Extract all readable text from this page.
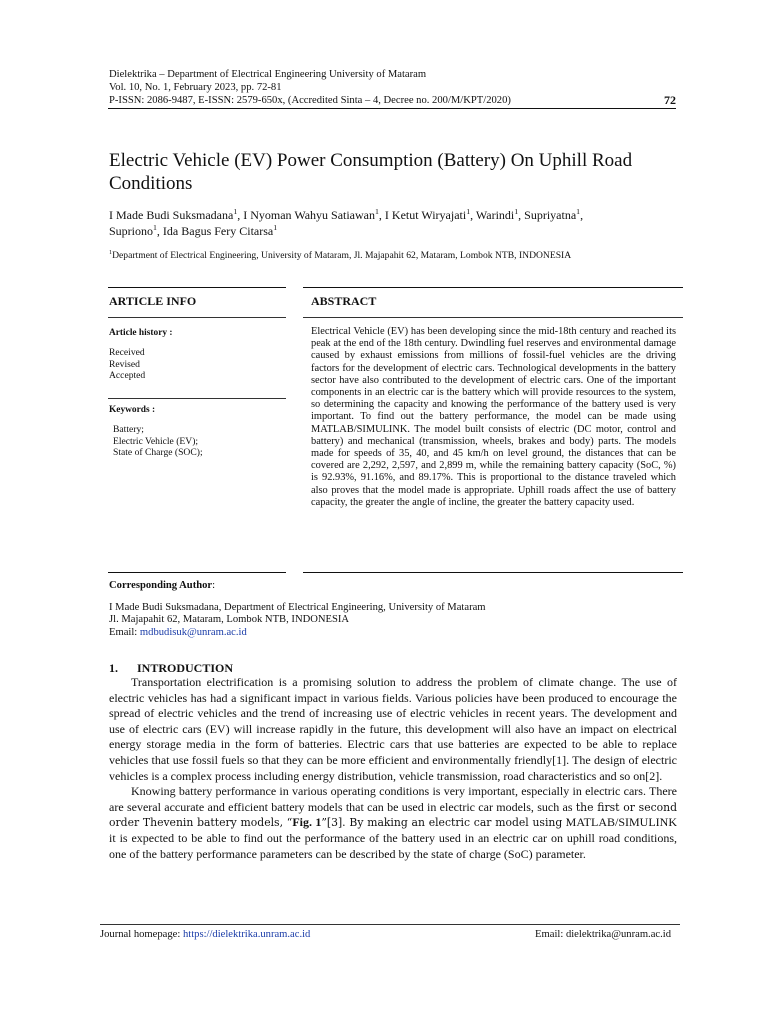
Dielektrika – Department of Electrical Engineering University of Mataram
Vol. 10, No. 1, February 2023, pp. 72-81
P-ISSN: 2086-9487, E-ISSN: 2579-650x, (Accredited Sinta – 4, Decree no. 200/M/KPT/2020)	72
Electric Vehicle (EV) Power Consumption (Battery) On Uphill Road Conditions
I Made Budi Suksmadana$^1$, I Nyoman Wahyu Satiawan$^1$, I Ketut Wiryajati$^1$, Warindi$^1$, Supriyatna$^1$,
Supriono$^1$, Ida Bagus Fery Citarsa$^1$
$^1$Department of Electrical Engineering, University of Mataram, Jl. Majapahit 62, Mataram, Lombok NTB, INDONESIA
ARTICLE INFO	ABSTRACT
Article history :
Received
Revised
Accepted
Keywords :
Battery;
Electric Vehicle (EV);
State of Charge (SOC);

Electrical Vehicle (EV) has been developing since the mid-18th century and reached its peak at the end of the 18th century. Dwindling fuel reserves and environmental damage caused by exhaust emissions from millions of fossil-fuel vehicles are the driving factors for the development of electric cars. Technological developments in the battery sector have also contributed to the development of electric cars. One of the important components in an electric car is the battery which will provide resources to the system, so determining the capacity and knowing the performance of the battery used is very important. To find out the battery performance, the model can be made using MATLAB/SIMULINK. The model built consists of electric (DC motor, control and battery) and mechanical (transmission, wheels, brakes and body) parts. The models made for speeds of 35, 40, and 45 km/h on level ground, the distances that can be covered are 2,292, 2,597, and 2,899 m, while the remaining battery capacity (SoC, %) is 92.93%, 91.16%, and 89.17%. This is proportional to the distance traveled which also proves that the model made is appropriate. Uphill roads affect the use of battery capacity, the greater the angle of incline, the greater the battery capacity used.

Corresponding Author:
I Made Budi Suksmadana, Department of Electrical Engineering, University of Mataram
Jl. Majapahit 62, Mataram, Lombok NTB, INDONESIA
Email: mdbudisuk@unram.ac.id
1. INTRODUCTION

Transportation electrification is a promising solution to address the problem of climate change. The use of electric vehicles has had a significant impact in various fields. Various policies have been produced to encourage the spread of electric vehicles and the trend of increasing use of electric vehicles in recent years. The development and use of electric cars (EV) will increase rapidly in the future, this development will also have an impact on electrical energy storage media in the form of batteries. Electric cars that use batteries are expected to be able to replace vehicles that use fossil fuels so that they can be more efficient and environmentally friendly[1]. The design of electric vehicles is a complex process including energy distribution, vehicle transmission, road characteristics and so on[2].

Knowing battery performance in various operating conditions is very important, especially in electric cars. There are several accurate and efficient battery models that can be used in electric car models, such as the first or second order Thevenin battery models, “Fig. 1”[3]. By making an electric car model using MATLAB/SIMULINK it is expected to be able to find out the performance of the battery used in an electric car on uphill road conditions, one of the battery performance parameters can be described by the state of charge (SoC) parameter.

Journal homepage: https://dielektrika.unram.ac.id	Email: dielektrika@unram.ac.id
